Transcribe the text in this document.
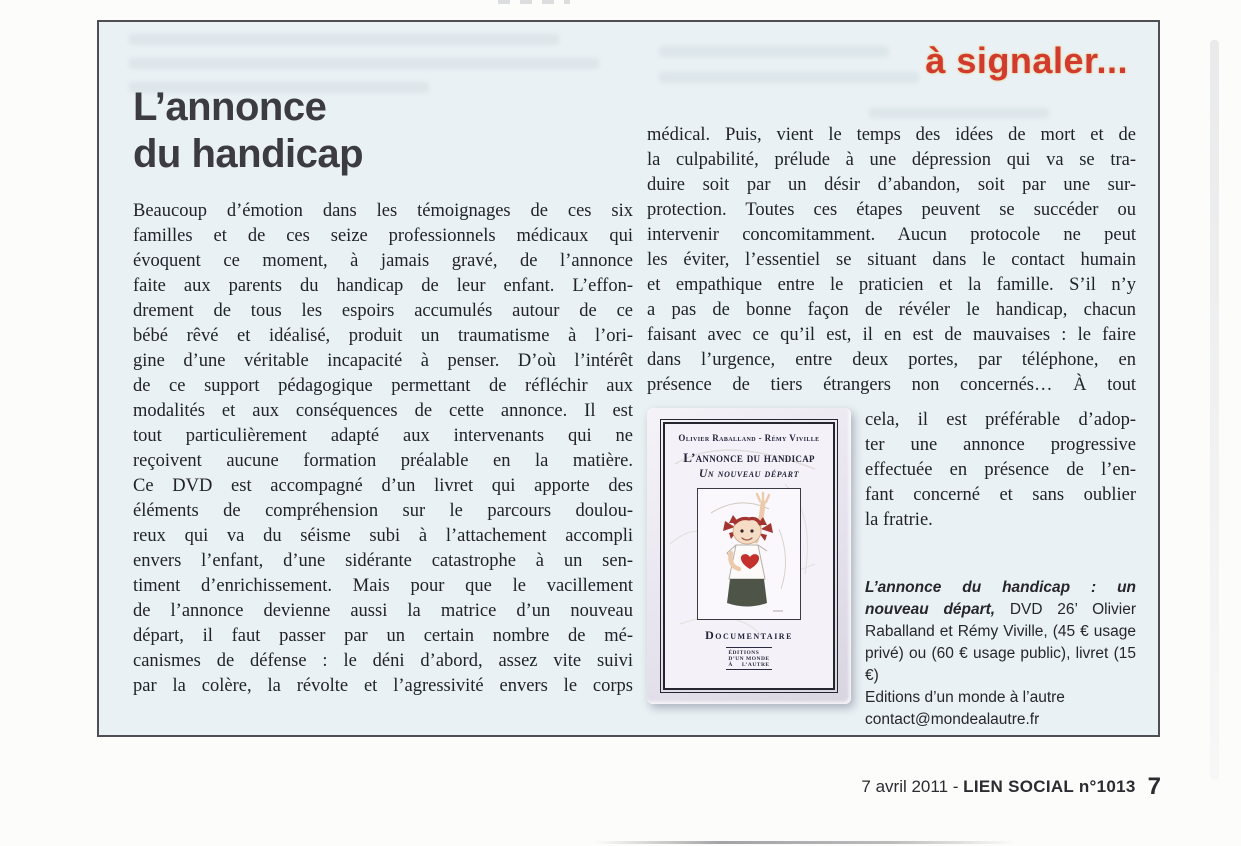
à signaler...
L’annonce
du handicap
Beaucoup d’émotion dans les témoignages de ces six
familles et de ces seize professionnels médicaux qui
évoquent ce moment, à jamais gravé, de l’annonce
faite aux parents du handicap de leur enfant. L’effon-
drement de tous les espoirs accumulés autour de ce
bébé rêvé et idéalisé, produit un traumatisme à l’ori-
gine d’une véritable incapacité à penser. D’où l’intérêt
de ce support pédagogique permettant de réfléchir aux
modalités et aux conséquences de cette annonce. Il est
tout particulièrement adapté aux intervenants qui ne
reçoivent aucune formation préalable en la matière.
Ce DVD est accompagné d’un livret qui apporte des
éléments de compréhension sur le parcours doulou-
reux qui va du séisme subi à l’attachement accompli
envers l’enfant, d’une sidérante catastrophe à un sen-
timent d’enrichissement. Mais pour que le vacillement
de l’annonce devienne aussi la matrice d’un nouveau
départ, il faut passer par un certain nombre de mé-
canismes de défense : le déni d’abord, assez vite suivi
par la colère, la révolte et l’agressivité envers le corps
médical. Puis, vient le temps des idées de mort et de
la culpabilité, prélude à une dépression qui va se tra-
duire soit par un désir d’abandon, soit par une sur-
protection. Toutes ces étapes peuvent se succéder ou
intervenir concomitamment. Aucun protocole ne peut
les éviter, l’essentiel se situant dans le contact humain
et empathique entre le praticien et la famille. S’il n’y
a pas de bonne façon de révéler le handicap, chacun
faisant avec ce qu’il est, il en est de mauvaises : le faire
dans l’urgence, entre deux portes, par téléphone, en
présence de tiers étrangers non concernés… À tout
Olivier Raballand - Rémy Viville
L’annonce du handicap
Un nouveau départ
Documentaire
ÉDITIONS
D’UN MONDE
À L’AUTRE
cela, il est préférable d’adop-
ter une annonce progressive
effectuée en présence de l’en-
fant concerné et sans oublier
la fratrie.

L’annonce du handicap : un nouveau départ, DVD 26’ Olivier Raballand et Rémy Viville, (45 € usage privé) ou (60 € usage public), livret (15 €)

Editions d’un monde à l’autre
contact@mondealautre.fr
7 avril 2011 - LIEN SOCIAL n°1013 7
